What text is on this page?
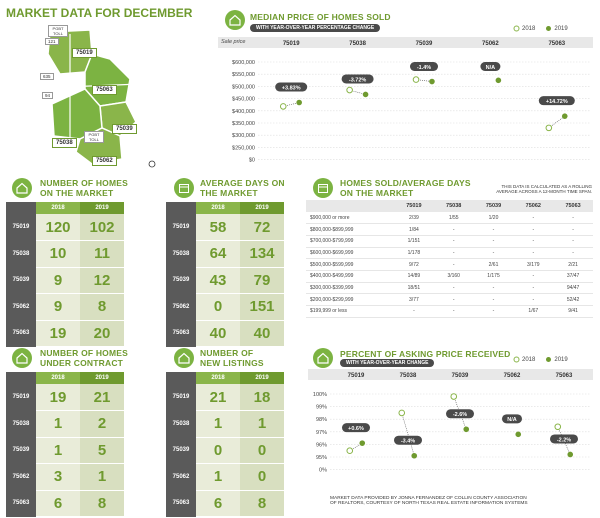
MARKET DATA FOR DECEMBER
75019
75063
75039
75038
75062
635
94
121
PGBT TOLL
PGBT TOLL
MEDIAN PRICE OF HOMES SOLD
WITH YEAR-OVER-YEAR PERCENTAGE CHANGE	2018	2019
Sale price	75019	75038	75039	75062	75063
$600,000
$550,000
$500,000
$450,000
$400,000
$350,000
$300,000
$250,000
$0
+3.83%
-3.72%
-1.4%	N/A
+14.72%
NUMBER OF HOMES
ON THE MARKET
	2018	2019
75019	120	102
75038	10	11
75039	9	12
75062	9	8
75063	19	20
AVERAGE DAYS ON
THE MARKET
	2018	2019
75019	58	72
75038	64	134
75039	43	79
75062	0	151
75063	40	40
HOMES SOLD/AVERAGE DAYS
ON THE MARKET
THIS DATA IS CALCULATED AS A ROLLING
AVERAGE ACROSS A 12-MONTH TIME SPAN.
	75019	75038	75039	75062	75063
$900,000 or more	2/39	1/55	1/20	-	-
$800,000-$899,999	1/84	-	-	-	-
$700,000-$799,999	1/151	-	-	-	-
$600,000-$699,999	1/178	-	-	-	-
$500,000-$599,999	9/72	-	2/61	3/179	2/21
$400,000-$499,999	14/89	3/160	1/175	-	37/47
$300,000-$399,999	18/51	-	-	-	94/47
$200,000-$299,999	3/77	-	-	-	52/42
$199,999 or less	-	-	-	1/67	9/41
NUMBER OF HOMES
UNDER CONTRACT
	2018	2019
75019	19	21
75038	1	2
75039	1	5
75062	3	1
75063	6	8
NUMBER OF
NEW LISTINGS
	2018	2019
75019	21	18
75038	1	1
75039	0	0
75062	1	0
75063	6	8
PERCENT OF ASKING PRICE RECEIVED
WITH YEAR-OVER-YEAR CHANGE
2018	2019
75019	75038	75039	75062	75063
100%
99%
98%
97%
96%
95%
0%
+0.6%
-3.4%
-2.6%
N/A
-2.2%
MARKET DATA PROVIDED BY JONNA FERNANDEZ OF COLLIN COUNTY ASSOCIATION
OF REALTORS, COURTESY OF NORTH TEXAS REAL ESTATE INFORMATION SYSTEMS
